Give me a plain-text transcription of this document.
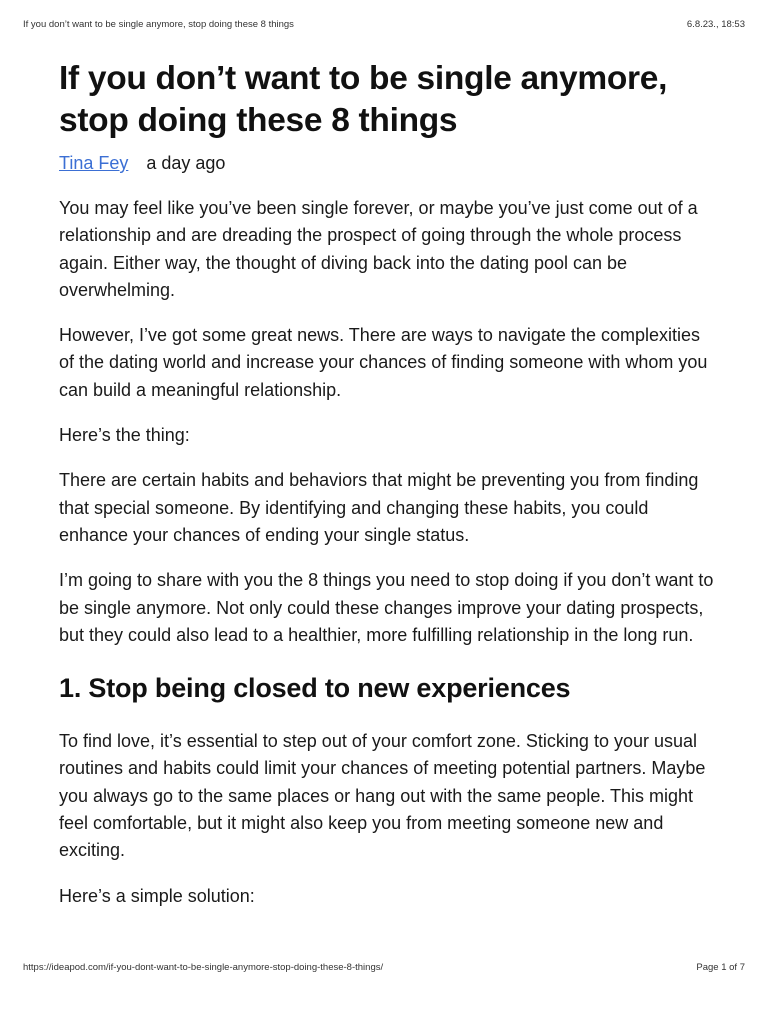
If you don’t want to be single anymore, stop doing these 8 things	6.8.23., 18:53
If you don’t want to be single anymore, stop doing these 8 things
Tina Fey a day ago

You may feel like you’ve been single forever, or maybe you’ve just come out of a relationship and are dreading the prospect of going through the whole process again. Either way, the thought of diving back into the dating pool can be overwhelming.

However, I’ve got some great news. There are ways to navigate the complexities of the dating world and increase your chances of finding someone with whom you can build a meaningful relationship.

Here’s the thing:

There are certain habits and behaviors that might be preventing you from finding that special someone. By identifying and changing these habits, you could enhance your chances of ending your single status.

I’m going to share with you the 8 things you need to stop doing if you don’t want to be single anymore. Not only could these changes improve your dating prospects, but they could also lead to a healthier, more fulfilling relationship in the long run.

1. Stop being closed to new experiences

To find love, it’s essential to step out of your comfort zone. Sticking to your usual routines and habits could limit your chances of meeting potential partners. Maybe you always go to the same places or hang out with the same people. This might feel comfortable, but it might also keep you from meeting someone new and exciting.

Here’s a simple solution:

https://ideapod.com/if-you-dont-want-to-be-single-anymore-stop-doing-these-8-things/	Page 1 of 7
